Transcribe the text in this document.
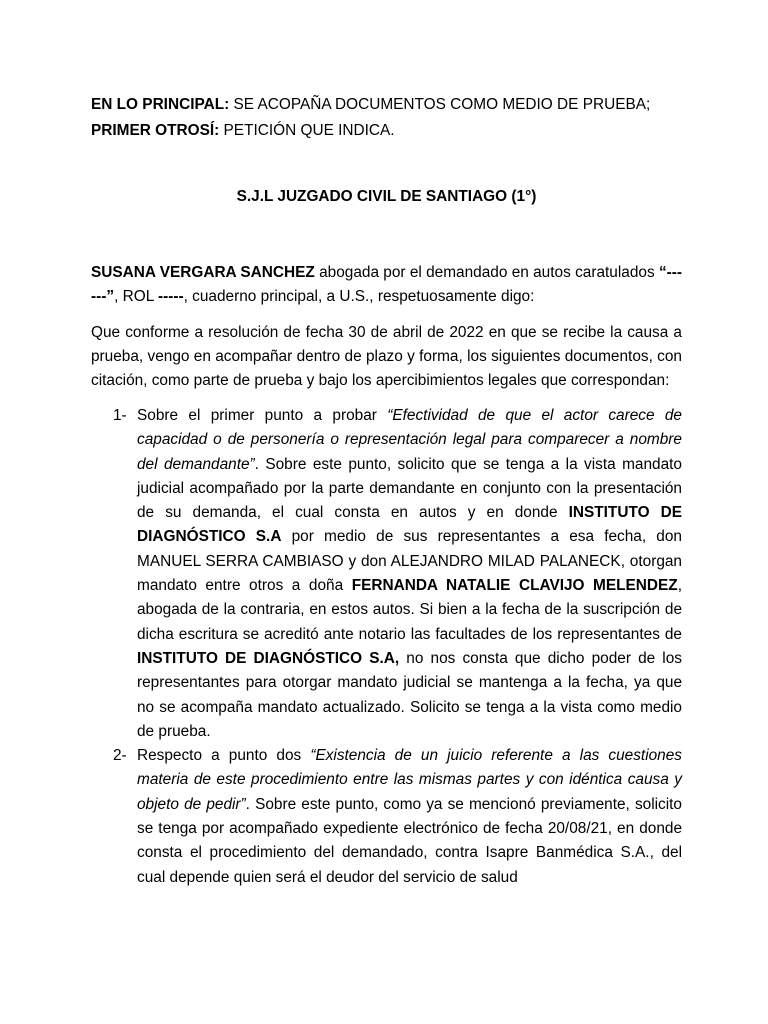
EN LO PRINCIPAL: SE ACOPAÑA DOCUMENTOS COMO MEDIO DE PRUEBA;

PRIMER OTROSÍ: PETICIÓN QUE INDICA.

S.J.L JUZGADO CIVIL DE SANTIAGO (1°)

SUSANA VERGARA SANCHEZ abogada por el demandado en autos caratulados “------”, ROL -----, cuaderno principal, a U.S., respetuosamente digo:

Que conforme a resolución de fecha 30 de abril de 2022 en que se recibe la causa a prueba, vengo en acompañar dentro de plazo y forma, los siguientes documentos, con citación, como parte de prueba y bajo los apercibimientos legales que correspondan:

1- Sobre el primer punto a probar “Efectividad de que el actor carece de capacidad o de personería o representación legal para comparecer a nombre del demandante”. Sobre este punto, solicito que se tenga a la vista mandato judicial acompañado por la parte demandante en conjunto con la presentación de su demanda, el cual consta en autos y en donde INSTITUTO DE DIAGNÓSTICO S.A por medio de sus representantes a esa fecha, don MANUEL SERRA CAMBIASO y don ALEJANDRO MILAD PALANECK, otorgan mandato entre otros a doña FERNANDA NATALIE CLAVIJO MELENDEZ, abogada de la contraria, en estos autos. Si bien a la fecha de la suscripción de dicha escritura se acreditó ante notario las facultades de los representantes de INSTITUTO DE DIAGNÓSTICO S.A, no nos consta que dicho poder de los representantes para otorgar mandato judicial se mantenga a la fecha, ya que no se acompaña mandato actualizado. Solicito se tenga a la vista como medio de prueba.
2- Respecto a punto dos “Existencia de un juicio referente a las cuestiones materia de este procedimiento entre las mismas partes y con idéntica causa y objeto de pedir”. Sobre este punto, como ya se mencionó previamente, solicito se tenga por acompañado expediente electrónico de fecha 20/08/21, en donde consta el procedimiento del demandado, contra Isapre Banmédica S.A., del cual depende quien será el deudor del servicio de salud
